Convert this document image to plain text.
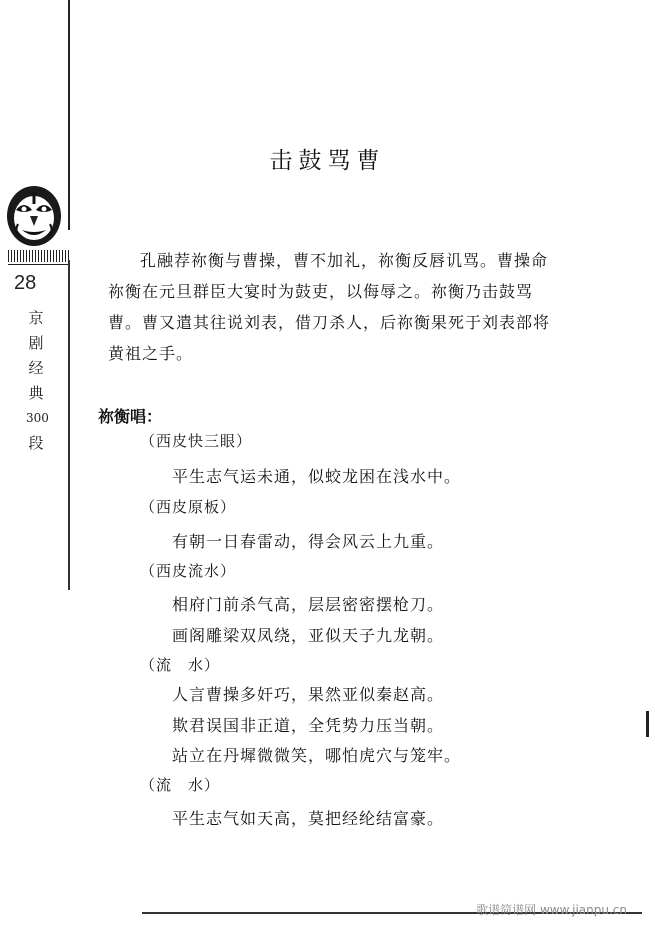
28
京
剧
经
典
300
段
击鼓骂曹

孔融荐祢衡与曹操，曹不加礼，祢衡反唇讥骂。曹操命祢衡在元旦群臣大宴时为鼓吏，以侮辱之。祢衡乃击鼓骂曹。曹又遣其往说刘表，借刀杀人，后祢衡果死于刘表部将黄祖之手。

祢衡唱：
（西皮快三眼）
平生志气运未通，似蛟龙困在浅水中。
（西皮原板）
有朝一日春雷动，得会风云上九重。
（西皮流水）
相府门前杀气高，层层密密摆枪刀。
画阁雕梁双凤绕，亚似天子九龙朝。
（流　水）
人言曹操多奸巧，果然亚似秦赵高。
欺君误国非正道，全凭势力压当朝。
站立在丹墀微微笑，哪怕虎穴与笼牢。
（流　水）
平生志气如天高，莫把经纶结富豪。
歌谱简谱网 www.jianpu.cn
